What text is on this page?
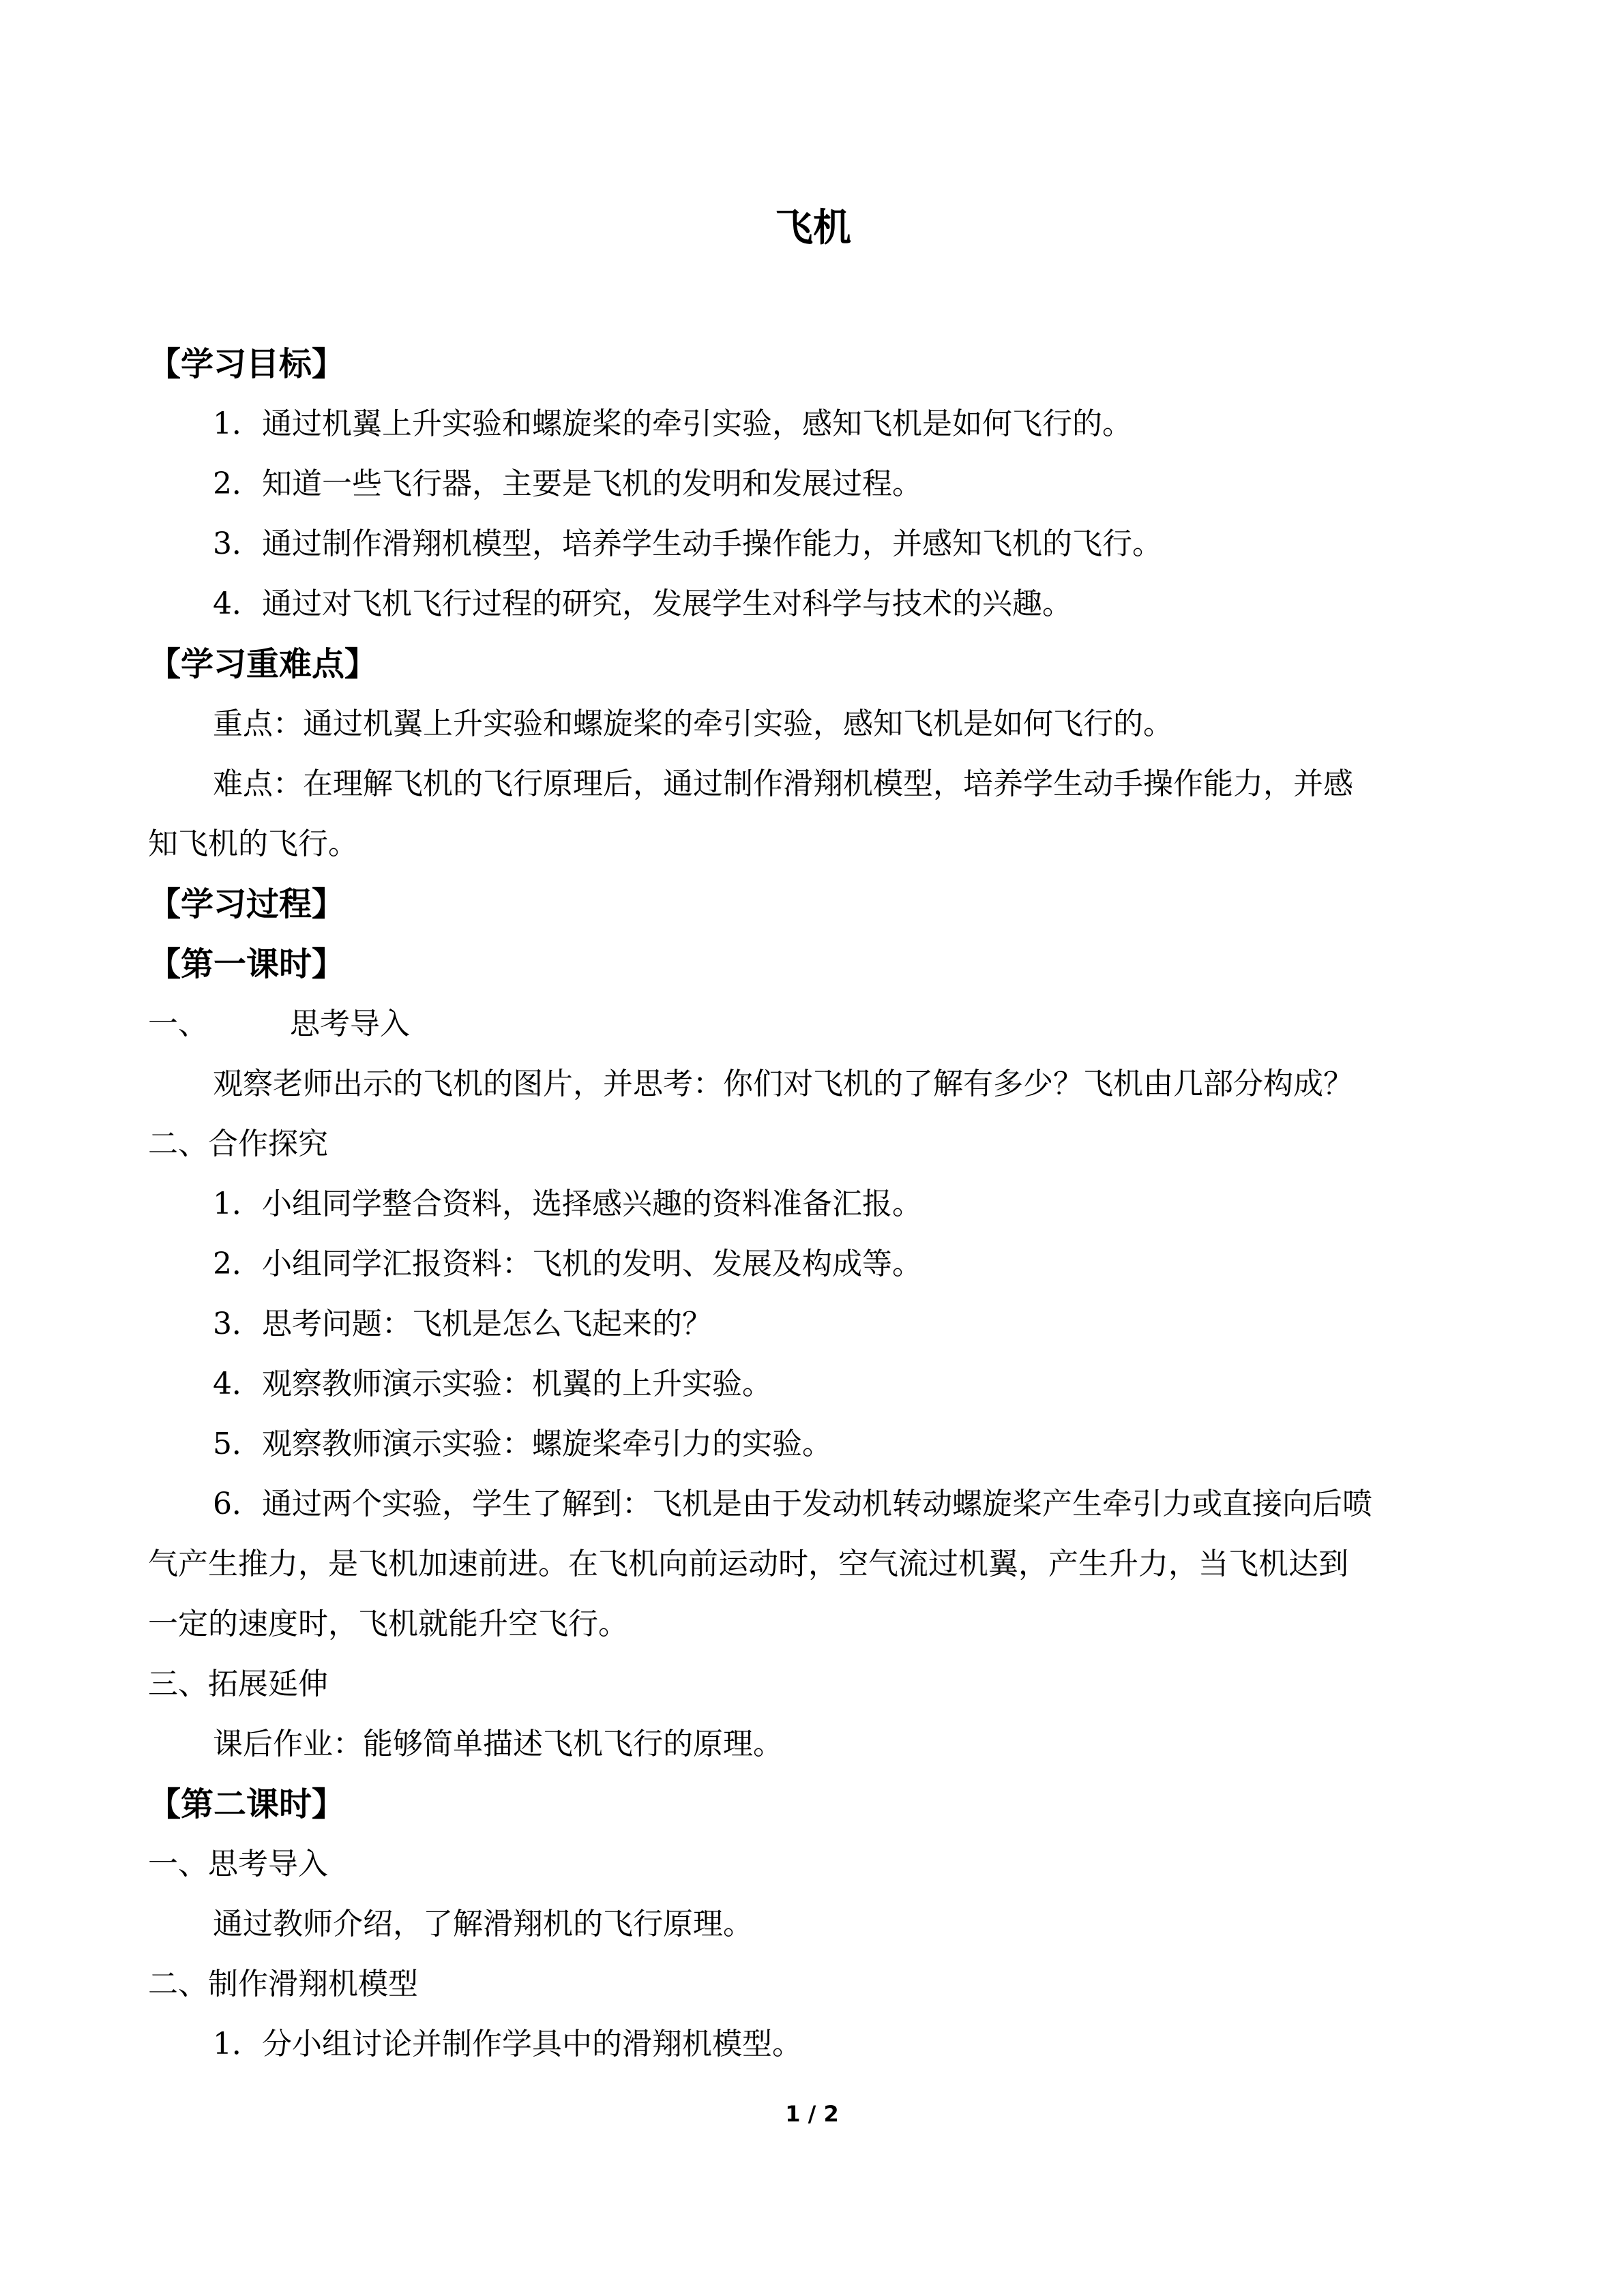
飞机
【学习目标】
1．通过机翼上升实验和螺旋桨的牵引实验，感知飞机是如何飞行的。
2．知道一些飞行器，主要是飞机的发明和发展过程。
3．通过制作滑翔机模型，培养学生动手操作能力，并感知飞机的飞行。
4．通过对飞机飞行过程的研究，发展学生对科学与技术的兴趣。
【学习重难点】
重点：通过机翼上升实验和螺旋桨的牵引实验，感知飞机是如何飞行的。
难点：在理解飞机的飞行原理后，通过制作滑翔机模型，培养学生动手操作能力，并感
知飞机的飞行。
【学习过程】
【第一课时】
一、	思考导入
观察老师出示的飞机的图片，并思考：你们对飞机的了解有多少？飞机由几部分构成？
二、合作探究
1．小组同学整合资料，选择感兴趣的资料准备汇报。
2．小组同学汇报资料：飞机的发明、发展及构成等。
3．思考问题：飞机是怎么飞起来的？
4．观察教师演示实验：机翼的上升实验。
5．观察教师演示实验：螺旋桨牵引力的实验。
6．通过两个实验，学生了解到：飞机是由于发动机转动螺旋桨产生牵引力或直接向后喷
气产生推力，是飞机加速前进。在飞机向前运动时，空气流过机翼，产生升力，当飞机达到
一定的速度时，飞机就能升空飞行。
三、拓展延伸
课后作业：能够简单描述飞机飞行的原理。
【第二课时】
一、思考导入
通过教师介绍，了解滑翔机的飞行原理。
二、制作滑翔机模型
1．分小组讨论并制作学具中的滑翔机模型。
1 / 2
